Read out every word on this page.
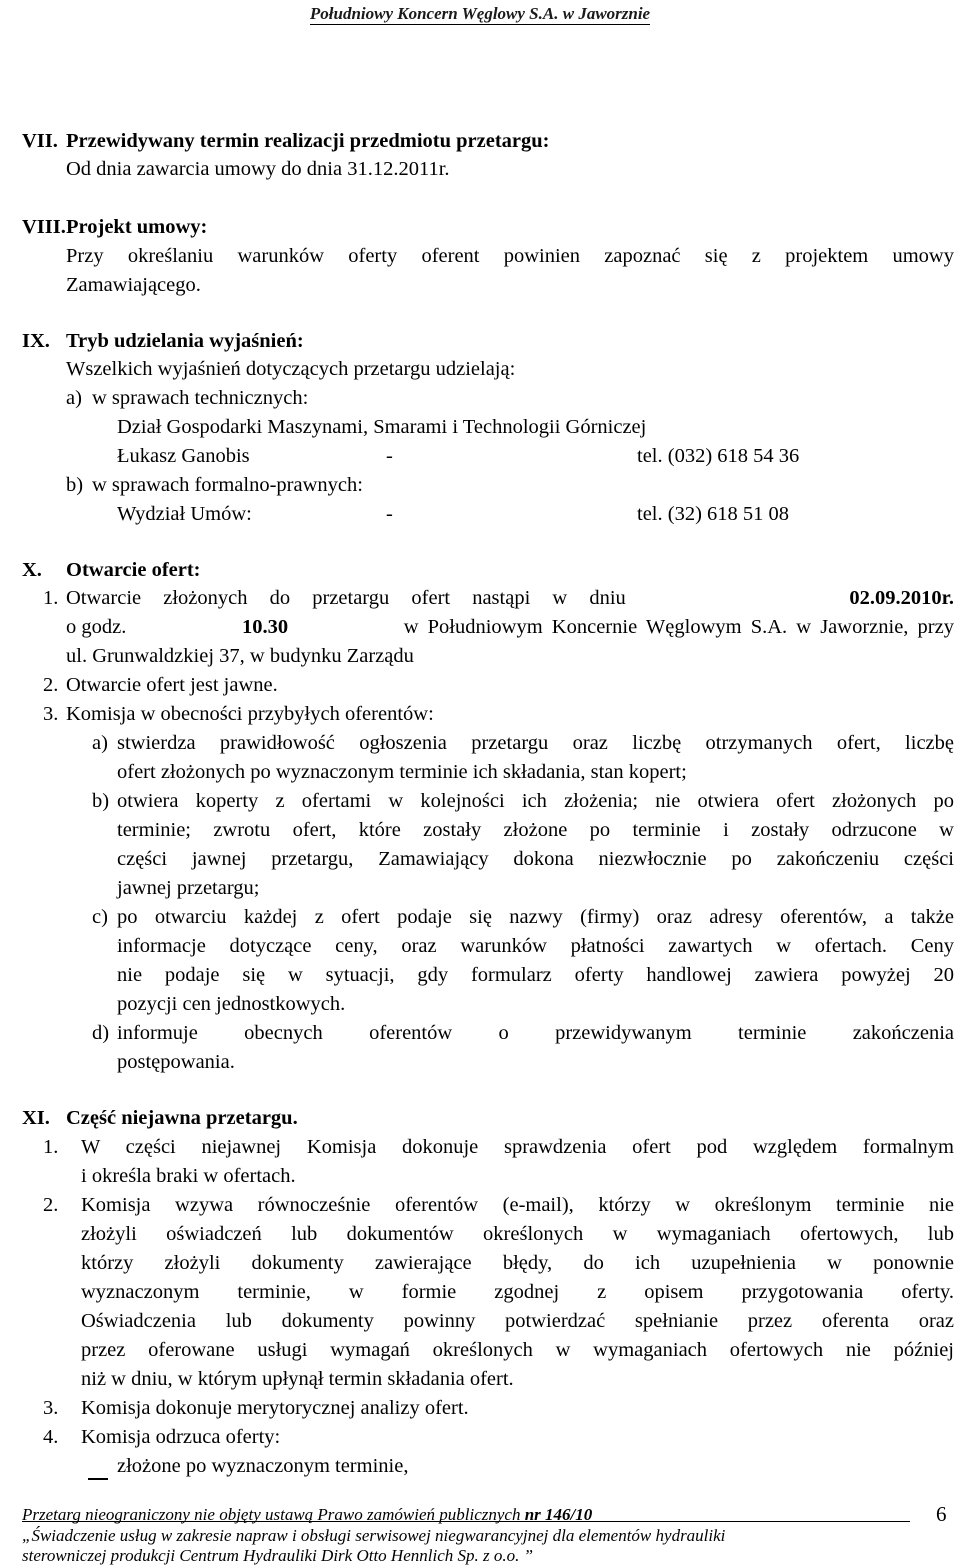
Południowy Koncern Węglowy S.A. w Jaworznie
VII. Przewidywany termin realizacji przedmiotu przetargu:
Od dnia zawarcia umowy do dnia 31.12.2011r.
VIII. Projekt umowy:
Przy określaniu warunków oferty oferent powinien zapoznać się z projektem umowy
Zamawiającego.
IX. Tryb udzielania wyjaśnień:
Wszelkich wyjaśnień dotyczących przetargu udzielają:
a) w sprawach technicznych:
Dział Gospodarki Maszynami, Smarami i Technologii Górniczej
Łukasz Ganobis	-	tel. (032) 618 54 36
b) w sprawach formalno-prawnych:
Wydział Umów:	-	tel. (32) 618 51 08
X. Otwarcie ofert:
1. Otwarcie złożonych do przetargu ofert nastąpi w dniu	02.09.2010r.
o godz.	10.30	w Południowym Koncernie Węglowym S.A. w Jaworznie, przy
ul. Grunwaldzkiej 37, w budynku Zarządu
2. Otwarcie ofert jest jawne.
3. Komisja w obecności przybyłych oferentów:
a) stwierdza prawidłowość ogłoszenia przetargu oraz liczbę otrzymanych ofert, liczbę
ofert złożonych po wyznaczonym terminie ich składania, stan kopert;
b) otwiera koperty z ofertami w kolejności ich złożenia; nie otwiera ofert złożonych po
terminie; zwrotu ofert, które zostały złożone po terminie i zostały odrzucone w
części jawnej przetargu, Zamawiający dokona niezwłocznie po zakończeniu części
jawnej przetargu;
c) po otwarciu każdej z ofert podaje się nazwy (firmy) oraz adresy oferentów, a także
informacje dotyczące ceny, oraz warunków płatności zawartych w ofertach. Ceny
nie podaje się w sytuacji, gdy formularz oferty handlowej zawiera powyżej 20
pozycji cen jednostkowych.
d) informuje obecnych oferentów o przewidywanym terminie zakończenia
postępowania.
XI. Część niejawna przetargu.
1. W części niejawnej Komisja dokonuje sprawdzenia ofert pod względem formalnym
i określa braki w ofertach.
2. Komisja wzywa równocześnie oferentów (e-mail), którzy w określonym terminie nie
złożyli oświadczeń lub dokumentów określonych w wymaganiach ofertowych, lub
którzy złożyli dokumenty zawierające błędy, do ich uzupełnienia w ponownie
wyznaczonym terminie, w formie zgodnej z opisem przygotowania oferty.
Oświadczenia lub dokumenty powinny potwierdzać spełnianie przez oferenta oraz
przez oferowane usługi wymagań określonych w wymaganiach ofertowych nie później
niż w dniu, w którym upłynął termin składania ofert.
3. Komisja dokonuje merytorycznej analizy ofert.
4. Komisja odrzuca oferty:
złożone po wyznaczonym terminie,
Przetarg nieograniczony nie objęty ustawą Prawo zamówień publicznych nr 146/10	6
„Świadczenie usług w zakresie napraw i obsługi serwisowej niegwarancyjnej dla elementów hydrauliki
sterowniczej produkcji Centrum Hydrauliki Dirk Otto Hennlich Sp. z o.o. ”
